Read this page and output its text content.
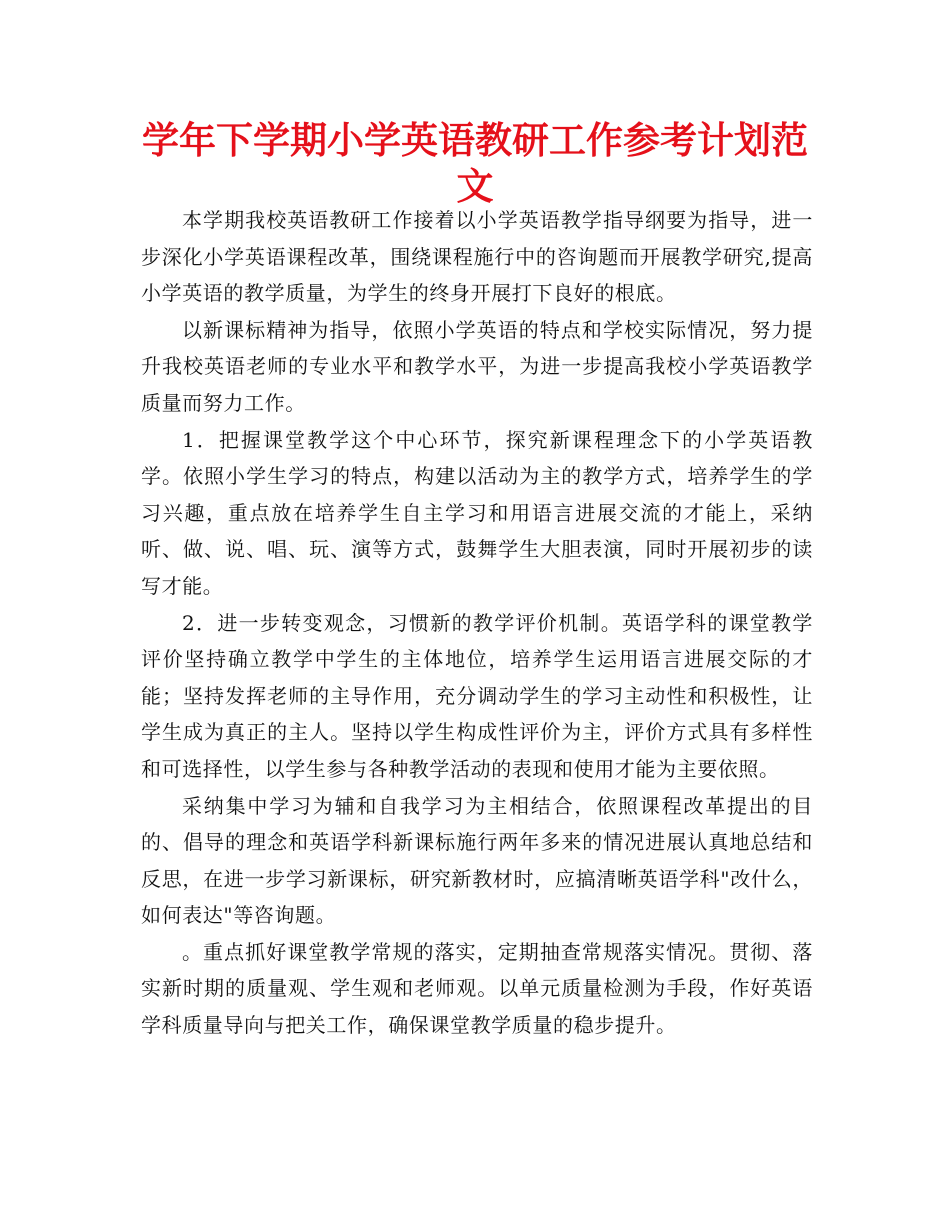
学年下学期小学英语教研工作参考计划范文

本学期我校英语教研工作接着以小学英语教学指导纲要为指导，进一步深化小学英语课程改革，围绕课程施行中的咨询题而开展教学研究,提高小学英语的教学质量，为学生的终身开展打下良好的根底。

以新课标精神为指导，依照小学英语的特点和学校实际情况，努力提升我校英语老师的专业水平和教学水平，为进一步提高我校小学英语教学质量而努力工作。

1．把握课堂教学这个中心环节，探究新课程理念下的小学英语教学。依照小学生学习的特点，构建以活动为主的教学方式，培养学生的学习兴趣，重点放在培养学生自主学习和用语言进展交流的才能上，采纳听、做、说、唱、玩、演等方式，鼓舞学生大胆表演，同时开展初步的读写才能。

2．进一步转变观念，习惯新的教学评价机制。英语学科的课堂教学评价坚持确立教学中学生的主体地位，培养学生运用语言进展交际的才能；坚持发挥老师的主导作用，充分调动学生的学习主动性和积极性，让学生成为真正的主人。坚持以学生构成性评价为主，评价方式具有多样性和可选择性，以学生参与各种教学活动的表现和使用才能为主要依照。

采纳集中学习为辅和自我学习为主相结合，依照课程改革提出的目的、倡导的理念和英语学科新课标施行两年多来的情况进展认真地总结和反思，在进一步学习新课标，研究新教材时，应搞清晰英语学科"改什么，如何表达"等咨询题。

。重点抓好课堂教学常规的落实，定期抽查常规落实情况。贯彻、落实新时期的质量观、学生观和老师观。以单元质量检测为手段，作好英语学科质量导向与把关工作，确保课堂教学质量的稳步提升。
